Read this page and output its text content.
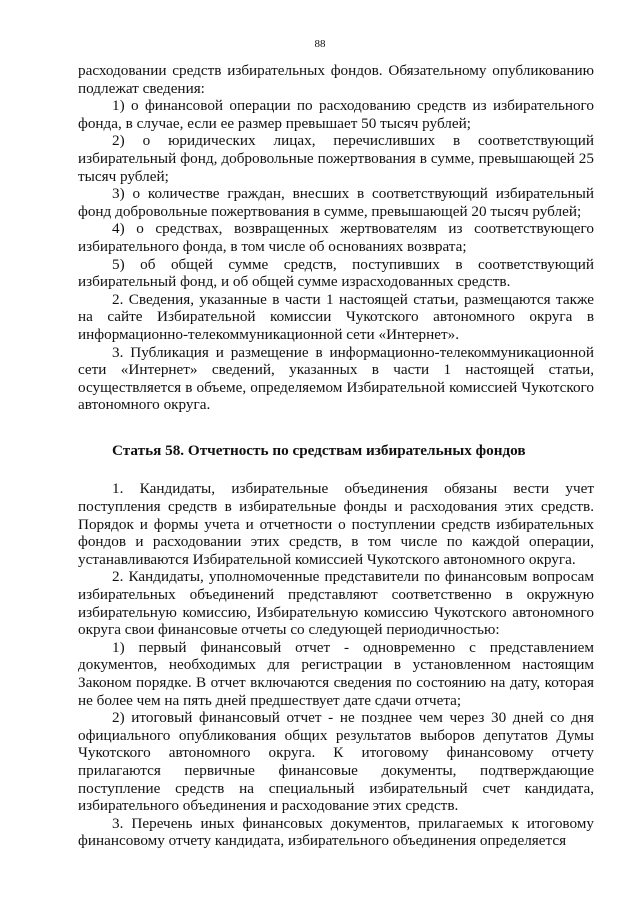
88

расходовании средств избирательных фондов. Обязательному опубликованию подлежат сведения:

1) о финансовой операции по расходованию средств из избирательного фонда, в случае, если ее размер превышает 50 тысяч рублей;

2) о юридических лицах, перечисливших в соответствующий избирательный фонд, добровольные пожертвования в сумме, превышающей 25 тысяч рублей;

3) о количестве граждан, внесших в соответствующий избирательный фонд добровольные пожертвования в сумме, превышающей 20 тысяч рублей;

4) о средствах, возвращенных жертвователям из соответствующего избирательного фонда, в том числе об основаниях возврата;

5) об общей сумме средств, поступивших в соответствующий избирательный фонд, и об общей сумме израсходованных средств.

2. Сведения, указанные в части 1 настоящей статьи, размещаются также на сайте Избирательной комиссии Чукотского автономного округа в информационно-телекоммуникационной сети «Интернет».

3. Публикация и размещение в информационно-телекоммуникационной сети «Интернет» сведений, указанных в части 1 настоящей статьи, осуществляется в объеме, определяемом Избирательной комиссией Чукотского автономного округа.

Статья 58. Отчетность по средствам избирательных фондов

1. Кандидаты, избирательные объединения обязаны вести учет поступления средств в избирательные фонды и расходования этих средств. Порядок и формы учета и отчетности о поступлении средств избирательных фондов и расходовании этих средств, в том числе по каждой операции, устанавливаются Избирательной комиссией Чукотского автономного округа.

2. Кандидаты, уполномоченные представители по финансовым вопросам избирательных объединений представляют соответственно в окружную избирательную комиссию, Избирательную комиссию Чукотского автономного округа свои финансовые отчеты со следующей периодичностью:

1) первый финансовый отчет - одновременно с представлением документов, необходимых для регистрации в установленном настоящим Законом порядке. В отчет включаются сведения по состоянию на дату, которая не более чем на пять дней предшествует дате сдачи отчета;

2) итоговый финансовый отчет - не позднее чем через 30 дней со дня официального опубликования общих результатов выборов депутатов Думы Чукотского автономного округа. К итоговому финансовому отчету прилагаются первичные финансовые документы, подтверждающие поступление средств на специальный избирательный счет кандидата, избирательного объединения и расходование этих средств.

3. Перечень иных финансовых документов, прилагаемых к итоговому финансовому отчету кандидата, избирательного объединения определяется
